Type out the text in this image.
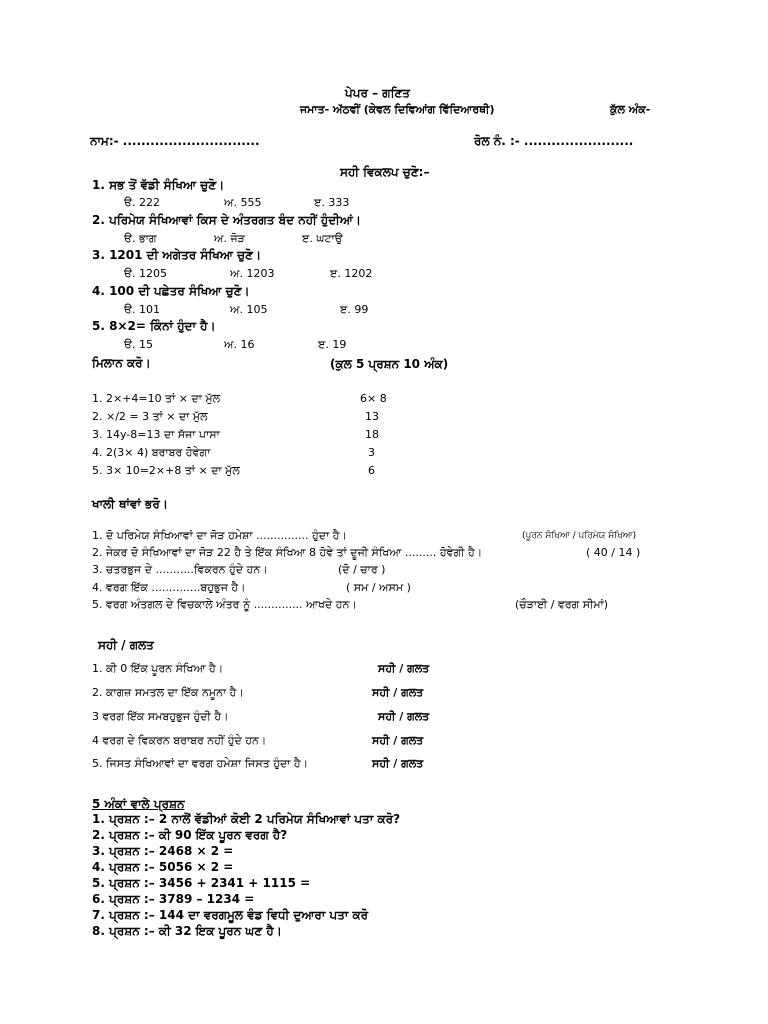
ਪੇਪਰ – ਗਣਿਤ
ਜਮਾਤ- ਅੱਠਵੀਂ (ਕੇਵਲ ਦਿਵਿਆਂਗ ਵਿੱਦਿਆਰਥੀ)	ਕੁੱਲ ਅੰਕ-
ਨਾਮ:- ..............................	ਰੋਲ ਨੰ. :- ........................
ਸਹੀ ਵਿਕਲਪ ਚੁਣੋ:–
1. ਸਭ ਤੋਂ ਵੱਡੀ ਸੰਖਿਆ ਚੁਣੋ।
ੳ. 222	ਅ. 555	ੲ. 333
2. ਪਰਿਮੇਯ ਸੰਖਿਆਵਾਂ ਕਿਸ ਦੇ ਅੰਤਰਗਤ ਬੰਦ ਨਹੀਂ ਹੁੰਦੀਆਂ।
ੳ. ਭਾਗ	ਅ. ਜੋੜ	ੲ. ਘਟਾਉ
3. 1201 ਦੀ ਅਗੇਤਰ ਸੰਖਿਆ ਚੁਣੋ।
ੳ. 1205	ਅ. 1203	ੲ. 1202
4. 100 ਦੀ ਪਛੇਤਰ ਸੰਖਿਆ ਚੁਣੋ।
ੳ. 101	ਅ. 105	ੲ. 99
5. 8×2= ਕਿੰਨਾਂ ਹੁੰਦਾ ਹੈ।
ੳ. 15	ਅ. 16	ੲ. 19
ਮਿਲਾਨ ਕਰੋ।	(ਕੁਲ 5 ਪ੍ਰਸ਼ਨ 10 ਅੰਕ)
1. 2×+4=10 ਤਾਂ × ਦਾ ਮੁੱਲ	6× 8
2. ×/2 = 3 ਤਾਂ × ਦਾ ਮੁੱਲ	13
3. 14y-8=13 ਦਾ ਸੱਜਾ ਪਾਸਾ	18
4. 2(3× 4) ਬਰਾਬਰ ਹੋਵੇਗਾ	3
5. 3× 10=2×+8 ਤਾਂ × ਦਾ ਮੁੱਲ	6
ਖਾਲੀ ਥਾਂਵਾਂ ਭਰੋ।
1. ਦੋ ਪਰਿਮੇਯ ਸੰਖਿਆਵਾਂ ਦਾ ਜੋੜ ਹਮੇਸ਼ਾ ............... ਹੁੰਦਾ ਹੈ।	(ਪੂਰਨ ਸੰਖਿਆ / ਪਰਿਮੇਯ ਸੰਖਿਆ)
2. ਜੇਕਰ ਦੋ ਸੰਖਿਆਵਾਂ ਦਾ ਜੋੜ 22 ਹੈ ਤੇ ਇੱਕ ਸੰਖਿਆ 8 ਹੋਵੇ ਤਾਂ ਦੂਜੀ ਸੰਖਿਆ ......... ਹੋਵੇਗੀ ਹੈ।	( 40 / 14 )
3. ਚਤਰਭੁਜ ਦੇ ...........ਵਿਕਰਨ ਹੁੰਦੇ ਹਨ।	(ਦੋ / ਚਾਰ )
4. ਵਰਗ ਇੱਕ ..............ਬਹੁਭੁਜ ਹੈ।	( ਸਮ / ਅਸਮ )
5. ਵਰਗ ਅੰਤਗਲ ਦੇ ਵਿਚਕਾਲੇ ਅੰਤਰ ਨੂੰ .............. ਆਖਦੇ ਹਨ।	(ਚੌੜਾਈ / ਵਰਗ ਸੀਮਾਂ)
ਸਹੀ / ਗਲਤ
1. ਕੀ 0 ਇੱਕ ਪੂਰਨ ਸੰਖਿਆ ਹੈ।	ਸਹੀ / ਗਲਤ
2. ਕਾਗਜ਼ ਸਮਤਲ ਦਾ ਇੱਕ ਨਮੂਨਾ ਹੈ।	ਸਹੀ / ਗਲਤ
3 ਵਰਗ ਇੱਕ ਸਮਬਹੁਭੁਜ ਹੁੰਦੀ ਹੈ।	ਸਹੀ / ਗਲਤ
4 ਵਰਗ ਦੇ ਵਿਕਰਨ ਬਰਾਬਰ ਨਹੀਂ ਹੁੰਦੇ ਹਨ।	ਸਹੀ / ਗਲਤ
5. ਜਿਸਤ ਸੰਖਿਆਵਾਂ ਦਾ ਵਰਗ ਹਮੇਸ਼ਾ ਜਿਸਤ ਹੁੰਦਾ ਹੈ।	ਸਹੀ / ਗਲਤ
5 ਅੰਕਾਂ ਵਾਲੇ ਪ੍ਰਸ਼ਨ
1. ਪ੍ਰਸ਼ਨ :– 2 ਨਾਲੋਂ ਵੱਡੀਆਂ ਕੋਈ 2 ਪਰਿਮੇਯ ਸੰਖਿਆਵਾਂ ਪਤਾ ਕਰੋ?
2. ਪ੍ਰਸ਼ਨ :– ਕੀ 90 ਇੱਕ ਪੂਰਨ ਵਰਗ ਹੈ?
3. ਪ੍ਰਸ਼ਨ :– 2468 × 2 =
4. ਪ੍ਰਸ਼ਨ :– 5056 × 2 =
5. ਪ੍ਰਸ਼ਨ :– 3456 + 2341 + 1115 =
6. ਪ੍ਰਸ਼ਨ :– 3789 – 1234 =
7. ਪ੍ਰਸ਼ਨ :– 144 ਦਾ ਵਰਗਮੂਲ ਵੰਡ ਵਿਧੀ ਦੁਆਰਾ ਪਤਾ ਕਰੋ
8. ਪ੍ਰਸ਼ਨ :– ਕੀ 32 ਇਕ ਪੂਰਨ ਘਣ ਹੈ।
